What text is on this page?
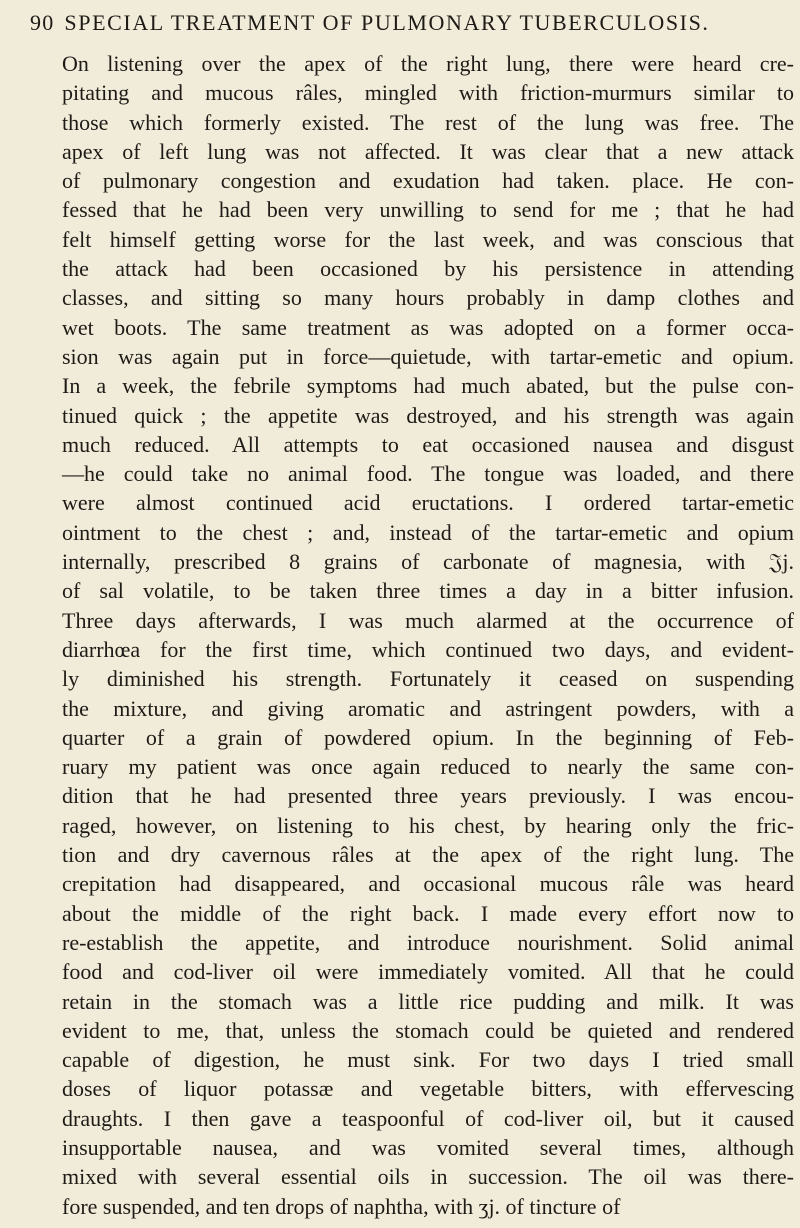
90 SPECIAL TREATMENT OF PULMONARY TUBERCULOSIS.
On listening over the apex of the right lung, there were heard cre-
pitating and mucous râles, mingled with friction-murmurs similar to
those which formerly existed. The rest of the lung was free. The
apex of left lung was not affected. It was clear that a new attack
of pulmonary congestion and exudation had taken. place. He con-
fessed that he had been very unwilling to send for me ; that he had
felt himself getting worse for the last week, and was conscious that
the attack had been occasioned by his persistence in attending
classes, and sitting so many hours probably in damp clothes and
wet boots. The same treatment as was adopted on a former occa-
sion was again put in force—quietude, with tartar-emetic and opium.
In a week, the febrile symptoms had much abated, but the pulse con-
tinued quick ; the appetite was destroyed, and his strength was again
much reduced. All attempts to eat occasioned nausea and disgust
—he could take no animal food. The tongue was loaded, and there
were almost continued acid eructations. I ordered tartar-emetic
ointment to the chest ; and, instead of the tartar-emetic and opium
internally, prescribed 8 grains of carbonate of magnesia, with 𝔍j.
of sal volatile, to be taken three times a day in a bitter infusion.
Three days afterwards, I was much alarmed at the occurrence of
diarrhœa for the first time, which continued two days, and evident-
ly diminished his strength. Fortunately it ceased on suspending
the mixture, and giving aromatic and astringent powders, with a
quarter of a grain of powdered opium. In the beginning of Feb-
ruary my patient was once again reduced to nearly the same con-
dition that he had presented three years previously. I was encou-
raged, however, on listening to his chest, by hearing only the fric-
tion and dry cavernous râles at the apex of the right lung. The
crepitation had disappeared, and occasional mucous râle was heard
about the middle of the right back. I made every effort now to
re-establish the appetite, and introduce nourishment. Solid animal
food and cod-liver oil were immediately vomited. All that he could
retain in the stomach was a little rice pudding and milk. It was
evident to me, that, unless the stomach could be quieted and rendered
capable of digestion, he must sink. For two days I tried small
doses of liquor potassæ and vegetable bitters, with effervescing
draughts. I then gave a teaspoonful of cod-liver oil, but it caused
insupportable nausea, and was vomited several times, although
mixed with several essential oils in succession. The oil was there-
fore suspended, and ten drops of naphtha, with ʒj. of tincture of
